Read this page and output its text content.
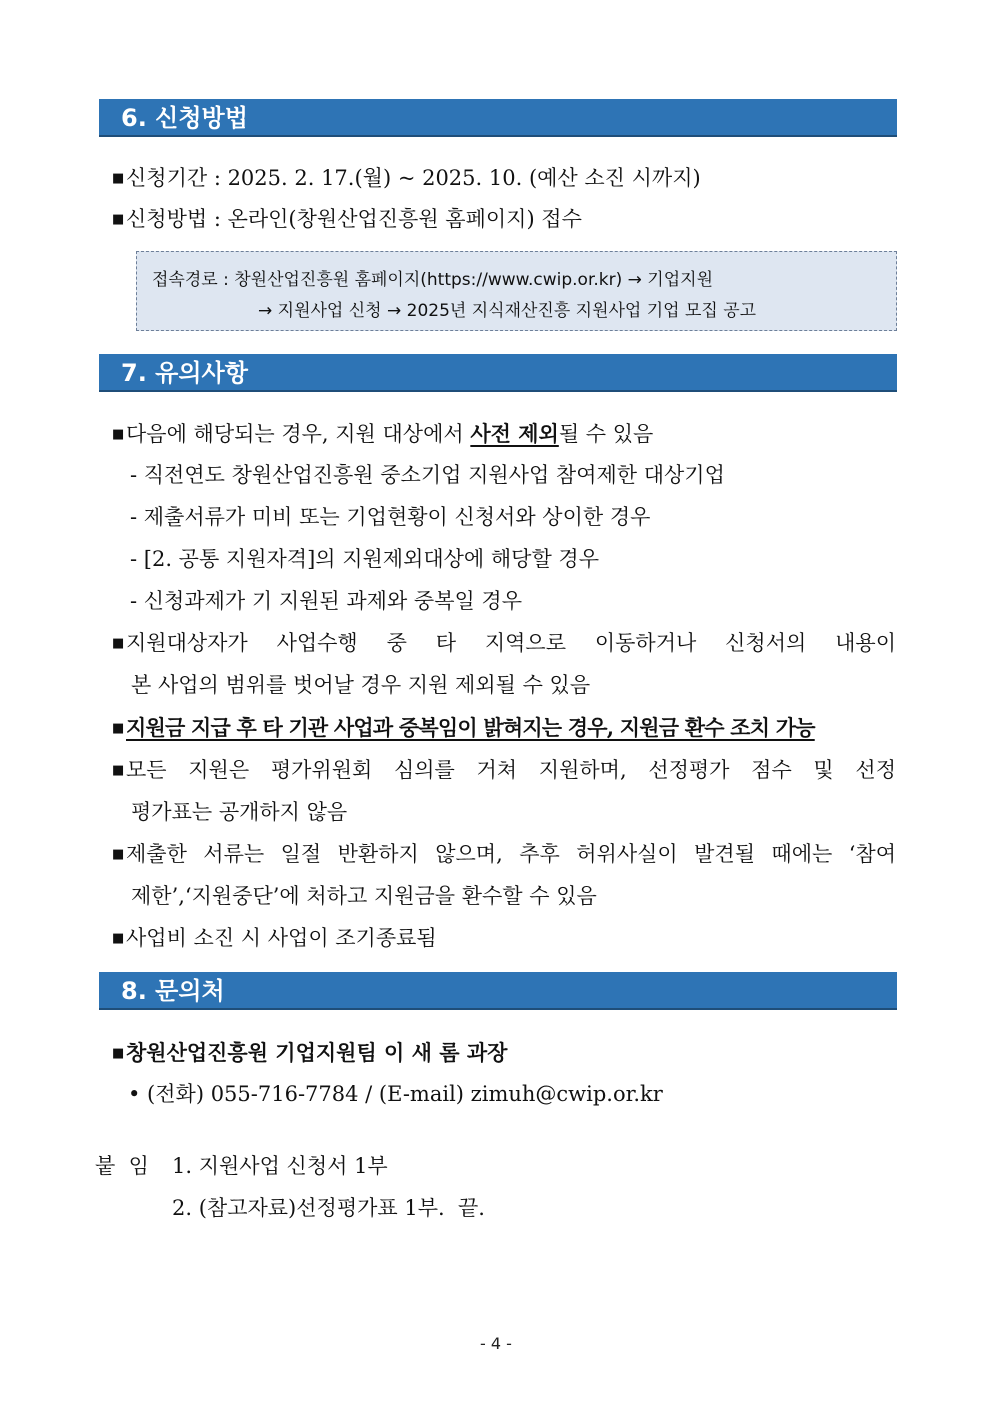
6. 신청방법
■신청기간 : 2025. 2. 17.(월) ~ 2025. 10. (예산 소진 시까지)
■신청방법 : 온라인(창원산업진흥원 홈페이지) 접수
접속경로 : 창원산업진흥원 홈페이지(https://www.cwip.or.kr) → 기업지원
→ 지원사업 신청 → 2025년 지식재산진흥 지원사업 기업 모집 공고
7. 유의사항
■다음에 해당되는 경우, 지원 대상에서 사전 제외될 수 있음
- 직전연도 창원산업진흥원 중소기업 지원사업 참여제한 대상기업
- 제출서류가 미비 또는 기업현황이 신청서와 상이한 경우
- [2. 공통 지원자격]의 지원제외대상에 해당할 경우
- 신청과제가 기 지원된 과제와 중복일 경우
■지원대상자가 사업수행 중 타 지역으로 이동하거나 신청서의 내용이
본 사업의 범위를 벗어날 경우 지원 제외될 수 있음
■지원금 지급 후 타 기관 사업과 중복임이 밝혀지는 경우, 지원금 환수 조치 가능
■모든 지원은 평가위원회 심의를 거쳐 지원하며, 선정평가 점수 및 선정
평가표는 공개하지 않음
■제출한 서류는 일절 반환하지 않으며, 추후 허위사실이 발견될 때에는 ‘참여
제한’,‘지원중단’에 처하고 지원금을 환수할 수 있음
■사업비 소진 시 사업이 조기종료됨
8. 문의처
■창원산업진흥원 기업지원팀 이 새 롬 과장
• (전화) 055-716-7784 / (E-mail) zimuh@cwip.or.kr
붙  임	1. 지원사업 신청서 1부
2. (참고자료)선정평가표 1부.  끝.
- 4 -
